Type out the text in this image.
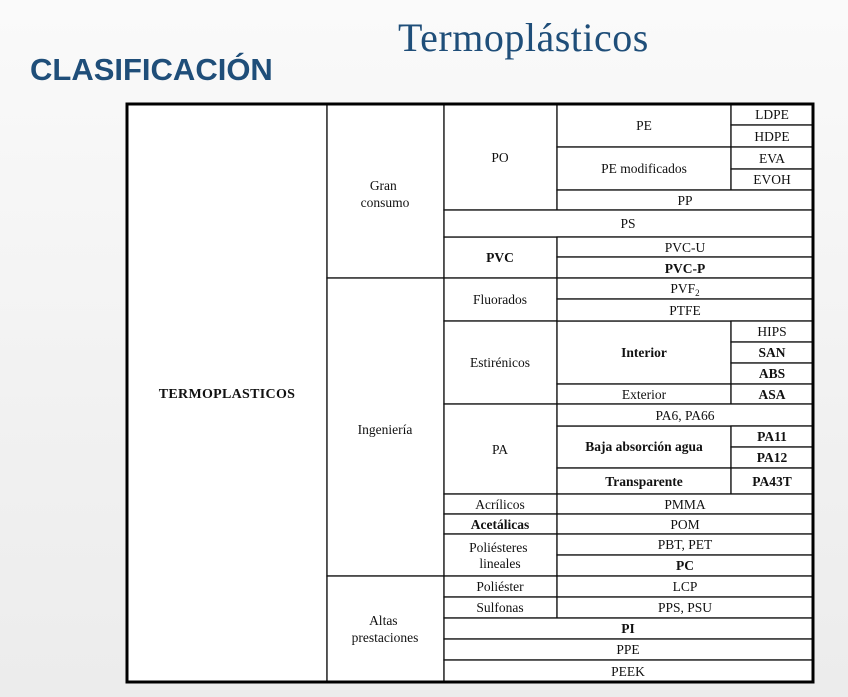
Termoplásticos
CLASIFICACIÓN
TERMOPLASTICOS
Gran consumo
Ingeniería
Altas prestaciones
PO
PVC
Fluorados
Estirénicos
PA
Acrílicos
Acetálicas
Poliésteres lineales
Poliéster
Sulfonas
PE
PE modificados
Interior
Exterior
Baja absorción agua
Transparente
LDPE
HDPE
EVA
EVOH
PP
PS
PVC-U
PVC-P
$PVF_2$
PTFE
HIPS
SAN
ABS
ASA
PA6, PA66
PA11
PA12
PA43T
PMMA
POM
PBT, PET
PC
LCP
PPS, PSU
PI
PPE
PEEK
